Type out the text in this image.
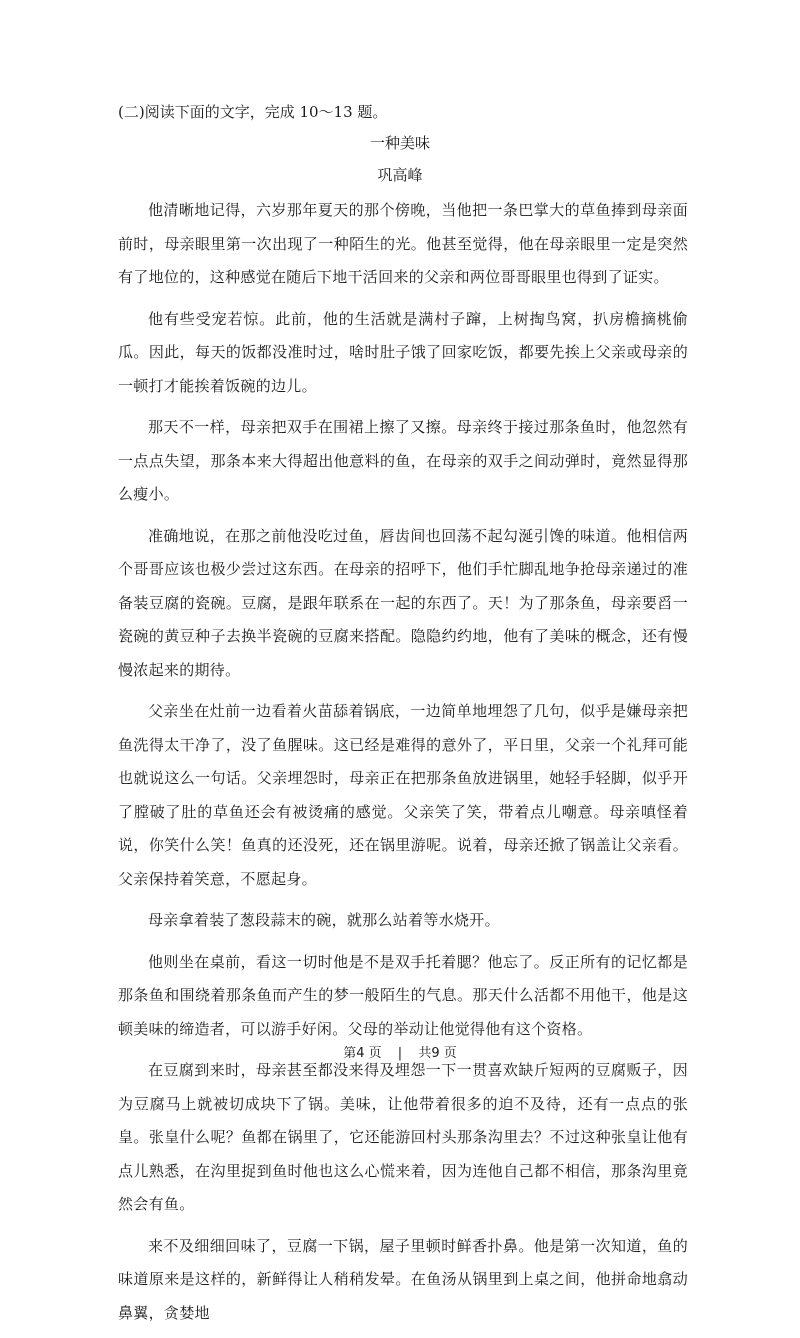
(二)阅读下面的文字，完成 10～13 题。
一种美味
巩高峰

他清晰地记得，六岁那年夏天的那个傍晚，当他把一条巴掌大的草鱼捧到母亲面前时，母亲眼里第一次出现了一种陌生的光。他甚至觉得，他在母亲眼里一定是突然有了地位的，这种感觉在随后下地干活回来的父亲和两位哥哥眼里也得到了证实。

他有些受宠若惊。此前，他的生活就是满村子蹿，上树掏鸟窝，扒房檐摘桃偷瓜。因此，每天的饭都没准时过，啥时肚子饿了回家吃饭，都要先挨上父亲或母亲的一顿打才能挨着饭碗的边儿。

那天不一样，母亲把双手在围裙上擦了又擦。母亲终于接过那条鱼时，他忽然有一点点失望，那条本来大得超出他意料的鱼，在母亲的双手之间动弹时，竟然显得那么瘦小。

准确地说，在那之前他没吃过鱼，唇齿间也回荡不起勾涎引馋的味道。他相信两个哥哥应该也极少尝过这东西。在母亲的招呼下，他们手忙脚乱地争抢母亲递过的准备装豆腐的瓷碗。豆腐，是跟年联系在一起的东西了。天！为了那条鱼，母亲要舀一瓷碗的黄豆种子去换半瓷碗的豆腐来搭配。隐隐约约地，他有了美味的概念，还有慢慢浓起来的期待。

父亲坐在灶前一边看着火苗舔着锅底，一边简单地埋怨了几句，似乎是嫌母亲把鱼洗得太干净了，没了鱼腥味。这已经是难得的意外了，平日里，父亲一个礼拜可能也就说这么一句话。父亲埋怨时，母亲正在把那条鱼放进锅里，她轻手轻脚，似乎开了膛破了肚的草鱼还会有被烫痛的感觉。父亲笑了笑，带着点儿嘲意。母亲嗔怪着说，你笑什么笑！鱼真的还没死，还在锅里游呢。说着，母亲还掀了锅盖让父亲看。父亲保持着笑意，不愿起身。

母亲拿着装了葱段蒜末的碗，就那么站着等水烧开。

他则坐在桌前，看这一切时他是不是双手托着腮？他忘了。反正所有的记忆都是那条鱼和围绕着那条鱼而产生的梦一般陌生的气息。那天什么活都不用他干，他是这顿美味的缔造者，可以游手好闲。父母的举动让他觉得他有这个资格。

在豆腐到来时，母亲甚至都没来得及埋怨一下一贯喜欢缺斤短两的豆腐贩子，因为豆腐马上就被切成块下了锅。美味，让他带着很多的迫不及待，还有一点点的张皇。张皇什么呢？鱼都在锅里了，它还能游回村头那条沟里去？不过这种张皇让他有点儿熟悉，在沟里捉到鱼时他也这么心慌来着，因为连他自己都不相信，那条沟里竟然会有鱼。

来不及细细回味了，豆腐一下锅，屋子里顿时鲜香扑鼻。他是第一次知道，鱼的味道原来是这样的，新鲜得让人稍稍发晕。在鱼汤从锅里到上桌之间，他拼命地翕动鼻翼，贪婪地

第4 页 | 共9 页
